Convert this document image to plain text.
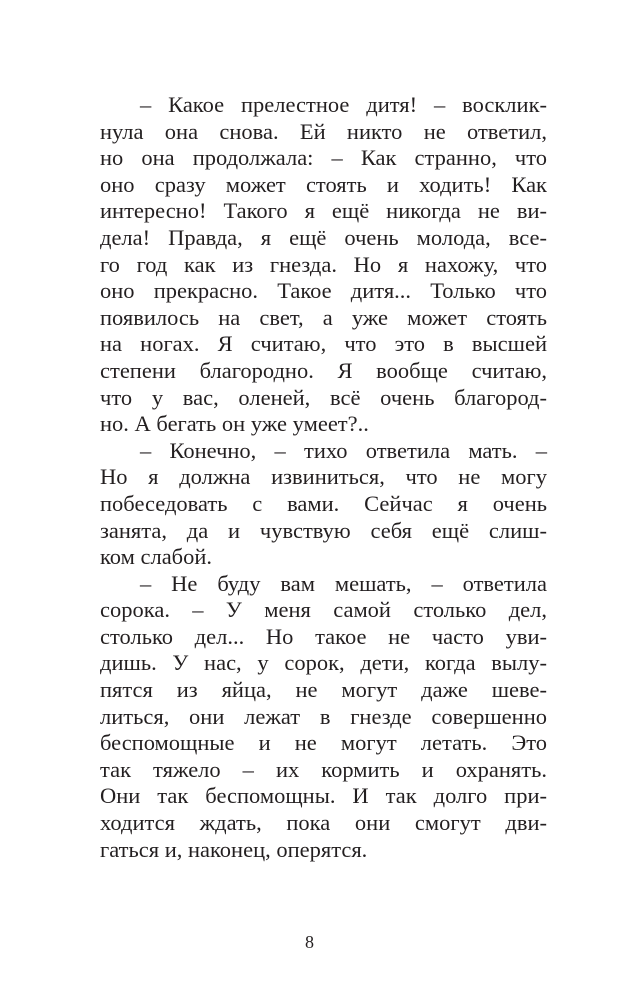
– Какое прелестное дитя! – восклик-
нула она снова. Ей никто не ответил,
но она продолжала: – Как странно, что
оно сразу может стоять и ходить! Как
интересно! Такого я ещё никогда не ви-
дела! Правда, я ещё очень молода, все-
го год как из гнезда. Но я нахожу, что
оно прекрасно. Такое дитя... Только что
появилось на свет, а уже может стоять
на ногах. Я считаю, что это в высшей
степени благородно. Я вообще считаю,
что у вас, оленей, всё очень благород-
но. А бегать он уже умеет?..
– Конечно, – тихо ответила мать. –
Но я должна извиниться, что не могу
побеседовать с вами. Сейчас я очень
занята, да и чувствую себя ещё слиш-
ком слабой.
– Не буду вам мешать, – ответила
сорока. – У меня самой столько дел,
столько дел... Но такое не часто уви-
дишь. У нас, у сорок, дети, когда вылу-
пятся из яйца, не могут даже шеве-
литься, они лежат в гнезде совершенно
беспомощные и не могут летать. Это
так тяжело – их кормить и охранять.
Они так беспомощны. И так долго при-
ходится ждать, пока они смогут дви-
гаться и, наконец, оперятся.
8
